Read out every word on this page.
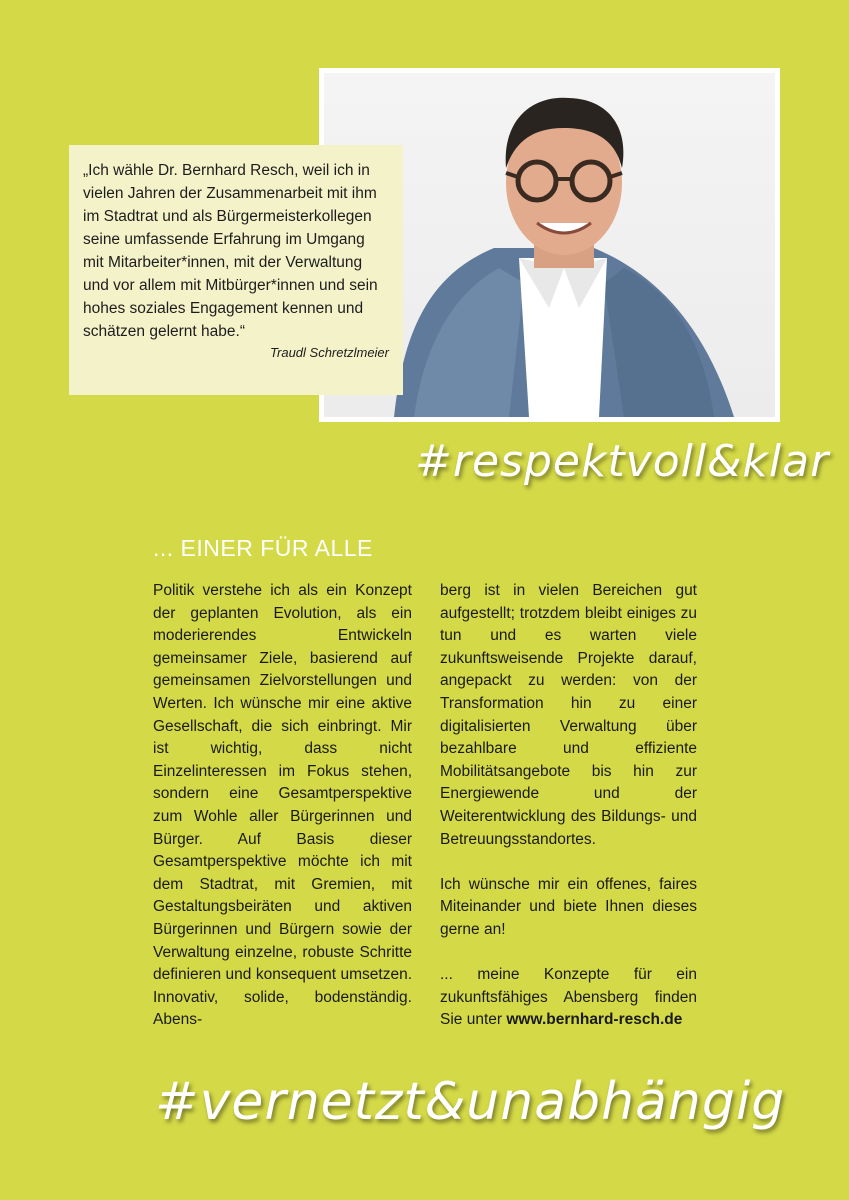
„Ich wähle Dr. Bernhard Resch, weil ich in vielen Jahren der Zusammenarbeit mit ihm im Stadtrat und als Bürgermeisterkollegen seine umfassende Erfahrung im Umgang mit Mitarbeiter*innen, mit der Verwaltung und vor allem mit Mitbürger*innen und sein hohes soziales Engagement kennen und schätzen gelernt habe.“

Traudl Schretzlmeier
#respektvoll&klar
... EINER FÜR ALLE

Politik verstehe ich als ein Konzept der geplanten Evolution, als ein moderierendes Entwickeln gemeinsamer Ziele, basierend auf gemeinsamen Zielvorstellungen und Werten. Ich wünsche mir eine aktive Gesellschaft, die sich einbringt. Mir ist wichtig, dass nicht Einzelinteressen im Fokus stehen, sondern eine Gesamtperspektive zum Wohle aller Bürgerinnen und Bürger. Auf Basis dieser Gesamtperspektive möchte ich mit dem Stadtrat, mit Gremien, mit Gestaltungsbeiräten und aktiven Bürgerinnen und Bürgern sowie der Verwaltung einzelne, robuste Schritte definieren und konsequent umsetzen. Innovativ, solide, bodenständig. Abens-

berg ist in vielen Bereichen gut aufgestellt; trotzdem bleibt einiges zu tun und es warten viele zukunftsweisende Projekte darauf, angepackt zu werden: von der Transformation hin zu einer digitalisierten Verwaltung über bezahlbare und effiziente Mobilitätsangebote bis hin zur Energiewende und der Weiterentwicklung des Bildungs- und Betreuungsstandortes.

Ich wünsche mir ein offenes, faires Miteinander und biete Ihnen dieses gerne an!

... meine Konzepte für ein zukunftsfähiges Abensberg finden Sie unter www.bernhard-resch.de

#vernetzt&unabhängig
